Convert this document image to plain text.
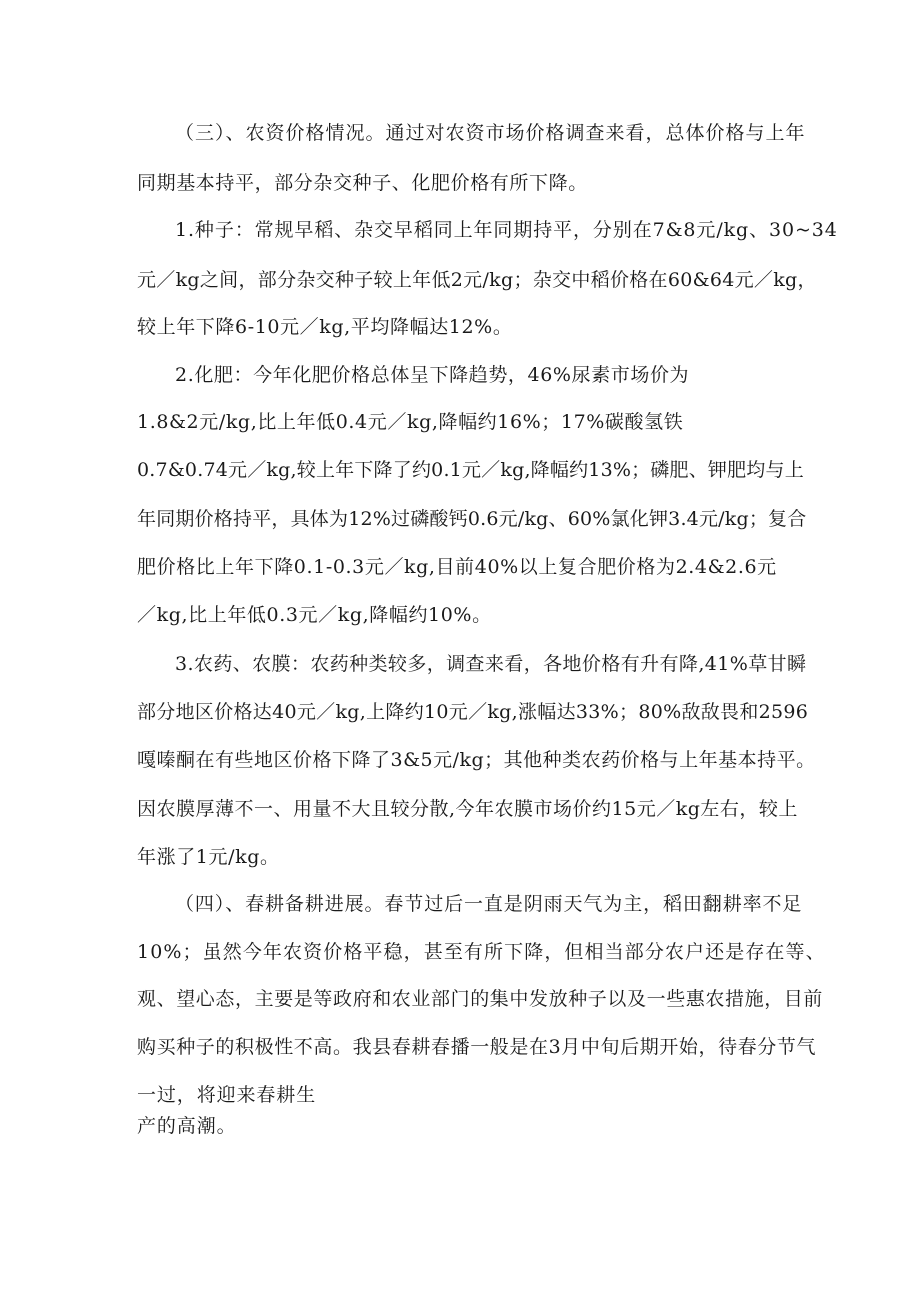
（三）、农资价格情况。通过对农资市场价格调查来看，总体价格与上年
同期基本持平，部分杂交种子、化肥价格有所下降。
1.种子：常规早稻、杂交早稻同上年同期持平，分别在7&8元/kg、30~34
元／kg之间，部分杂交种子较上年低2元/kg；杂交中稻价格在60&64元／kg，
较上年下降6-10元／kg,平均降幅达12%。
2.化肥：今年化肥价格总体呈下降趋势，46%尿素市场价为
1.8&2元/kg,比上年低0.4元／kg,降幅约16%；17%碳酸氢铁
0.7&0.74元／kg,较上年下降了约0.1元／kg,降幅约13%；磷肥、钾肥均与上
年同期价格持平，具体为12%过磷酸钙0.6元/kg、60%氯化钾3.4元/kg；复合
肥价格比上年下降0.1-0.3元／kg,目前40%以上复合肥价格为2.4&2.6元
／kg,比上年低0.3元／kg,降幅约10%。
3.农药、农膜：农药种类较多，调查来看，各地价格有升有降,41%草甘瞬
部分地区价格达40元／kg,上降约10元／kg,涨幅达33%；80%敌敌畏和2596
嘎嗪酮在有些地区价格下降了3&5元/kg；其他种类农药价格与上年基本持平。
因农膜厚薄不一、用量不大且较分散,今年农膜市场价约15元／kg左右，较上
年涨了1元/kg。
（四）、春耕备耕进展。春节过后一直是阴雨天气为主，稻田翻耕率不足
10%；虽然今年农资价格平稳，甚至有所下降，但相当部分农户还是存在等、
观、望心态，主要是等政府和农业部门的集中发放种子以及一些惠农措施，目前
购买种子的积极性不高。我县春耕春播一般是在3月中旬后期开始，待春分节气
一过，将迎来春耕生
产的高潮。
